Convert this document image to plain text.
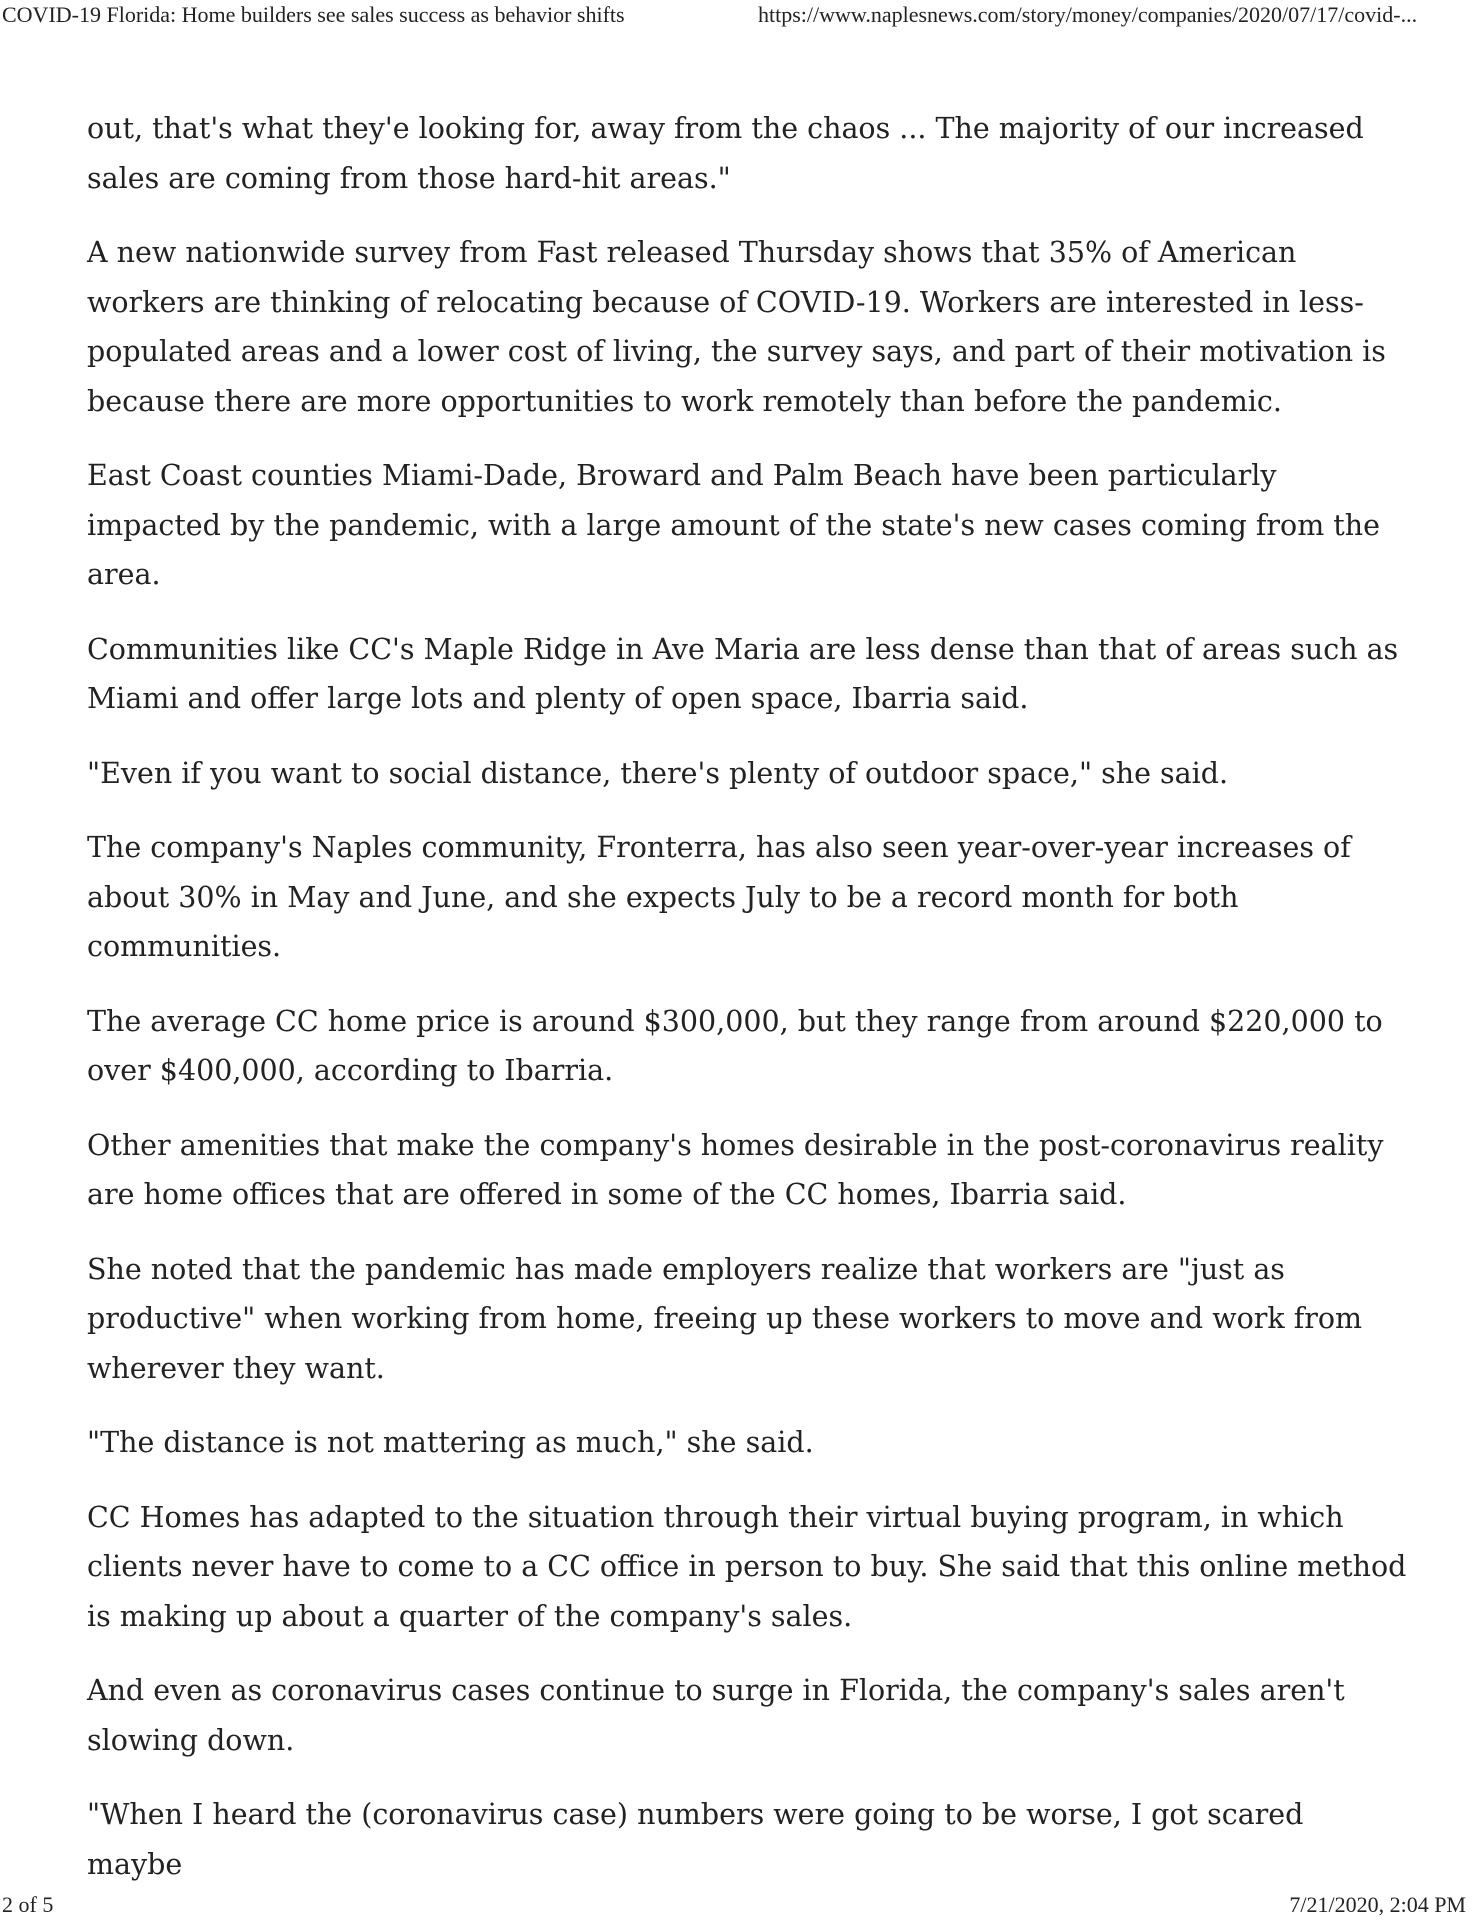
COVID-19 Florida: Home builders see sales success as behavior shifts	https://www.naplesnews.com/story/money/companies/2020/07/17/covid-...

out, that's what they'e looking for, away from the chaos ... The majority of our increased sales are coming from those hard-hit areas."

A new nationwide survey from Fast released Thursday shows that 35% of American workers are thinking of relocating because of COVID-19. Workers are interested in less-populated areas and a lower cost of living, the survey says, and part of their motivation is because there are more opportunities to work remotely than before the pandemic.

East Coast counties Miami-Dade, Broward and Palm Beach have been particularly impacted by the pandemic, with a large amount of the state's new cases coming from the area.

Communities like CC's Maple Ridge in Ave Maria are less dense than that of areas such as Miami and offer large lots and plenty of open space, Ibarria said.

"Even if you want to social distance, there's plenty of outdoor space," she said.

The company's Naples community, Fronterra, has also seen year-over-year increases of about 30% in May and June, and she expects July to be a record month for both communities.

The average CC home price is around $300,000, but they range from around $220,000 to over $400,000, according to Ibarria.

Other amenities that make the company's homes desirable in the post-coronavirus reality are home offices that are offered in some of the CC homes, Ibarria said.

She noted that the pandemic has made employers realize that workers are "just as productive" when working from home, freeing up these workers to move and work from wherever they want.

"The distance is not mattering as much," she said.

CC Homes has adapted to the situation through their virtual buying program, in which clients never have to come to a CC office in person to buy. She said that this online method is making up about a quarter of the company's sales.

And even as coronavirus cases continue to surge in Florida, the company's sales aren't slowing down.

"When I heard the (coronavirus case) numbers were going to be worse, I got scared maybe

2 of 5	7/21/2020, 2:04 PM
